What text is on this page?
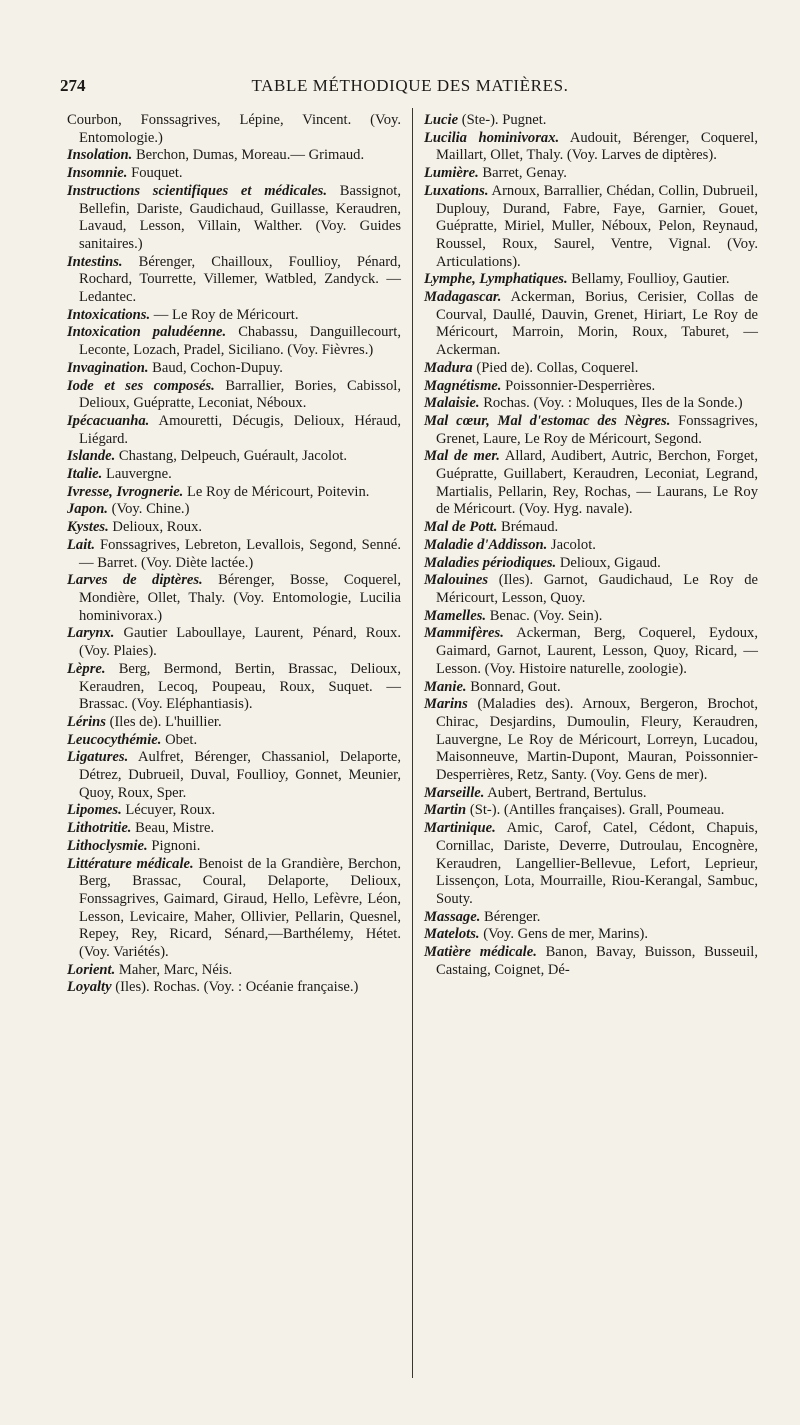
274	TABLE MÉTHODIQUE DES MATIÈRES.

Courbon, Fonssagrives, Lépine, Vincent. (Voy. Entomologie.)

Insolation. Berchon, Dumas, Moreau.— Grimaud.

Insomnie. Fouquet.

Instructions scientifiques et médicales. Bassignot, Bellefin, Dariste, Gaudichaud, Guillasse, Keraudren, Lavaud, Lesson, Villain, Walther. (Voy. Guides sanitaires.)

Intestins. Bérenger, Chailloux, Foullioy, Pénard, Rochard, Tourrette, Villemer, Watbled, Zandyck. — Ledantec.

Intoxications. — Le Roy de Méricourt.

Intoxication paludéenne. Chabassu, Danguillecourt, Leconte, Lozach, Pradel, Siciliano. (Voy. Fièvres.)

Invagination. Baud, Cochon-Dupuy.

Iode et ses composés. Barrallier, Bories, Cabissol, Delioux, Guépratte, Leconiat, Néboux.

Ipécacuanha. Amouretti, Décugis, Delioux, Héraud, Liégard.

Islande. Chastang, Delpeuch, Guérault, Jacolot.

Italie. Lauvergne.

Ivresse, Ivrognerie. Le Roy de Méricourt, Poitevin.

Japon. (Voy. Chine.)

Kystes. Delioux, Roux.

Lait. Fonssagrives, Lebreton, Levallois, Segond, Senné. — Barret. (Voy. Diète lactée.)

Larves de diptères. Bérenger, Bosse, Coquerel, Mondière, Ollet, Thaly. (Voy. Entomologie, Lucilia hominivorax.)

Larynx. Gautier Laboullaye, Laurent, Pénard, Roux. (Voy. Plaies).

Lèpre. Berg, Bermond, Bertin, Brassac, Delioux, Keraudren, Lecoq, Poupeau, Roux, Suquet. — Brassac. (Voy. Eléphantiasis).

Lérins (Iles de). L'huillier.

Leucocythémie. Obet.

Ligatures. Aulfret, Bérenger, Chassaniol, Delaporte, Détrez, Dubrueil, Duval, Foullioy, Gonnet, Meunier, Quoy, Roux, Sper.

Lipomes. Lécuyer, Roux.

Lithotritie. Beau, Mistre.

Lithoclysmie. Pignoni.

Littérature médicale. Benoist de la Grandière, Berchon, Berg, Brassac, Coural, Delaporte, Delioux, Fonssagrives, Gaimard, Giraud, Hello, Lefèvre, Léon, Lesson, Levicaire, Maher, Ollivier, Pellarin, Quesnel, Repey, Rey, Ricard, Sénard,—Barthélemy, Hétet. (Voy. Variétés).

Lorient. Maher, Marc, Néis.

Loyalty (Iles). Rochas. (Voy. : Océanie française.)

Lucie (Ste-). Pugnet.

Lucilia hominivorax. Audouit, Bérenger, Coquerel, Maillart, Ollet, Thaly. (Voy. Larves de diptères).

Lumière. Barret, Genay.

Luxations. Arnoux, Barrallier, Chédan, Collin, Dubrueil, Duplouy, Durand, Fabre, Faye, Garnier, Gouet, Guépratte, Miriel, Muller, Néboux, Pelon, Reynaud, Roussel, Roux, Saurel, Ventre, Vignal. (Voy. Articulations).

Lymphe, Lymphatiques. Bellamy, Foullioy, Gautier.

Madagascar. Ackerman, Borius, Cerisier, Collas de Courval, Daullé, Dauvin, Grenet, Hiriart, Le Roy de Méricourt, Marroin, Morin, Roux, Taburet, — Ackerman.

Madura (Pied de). Collas, Coquerel.

Magnétisme. Poissonnier-Desperrières.

Malaisie. Rochas. (Voy. : Moluques, Iles de la Sonde.)

Mal cœur, Mal d'estomac des Nègres. Fonssagrives, Grenet, Laure, Le Roy de Méricourt, Segond.

Mal de mer. Allard, Audibert, Autric, Berchon, Forget, Guépratte, Guillabert, Keraudren, Leconiat, Legrand, Martialis, Pellarin, Rey, Rochas, — Laurans, Le Roy de Méricourt. (Voy. Hyg. navale).

Mal de Pott. Brémaud.

Maladie d'Addisson. Jacolot.

Maladies périodiques. Delioux, Gigaud.

Malouines (Iles). Garnot, Gaudichaud, Le Roy de Méricourt, Lesson, Quoy.

Mamelles. Benac. (Voy. Sein).

Mammifères. Ackerman, Berg, Coquerel, Eydoux, Gaimard, Garnot, Laurent, Lesson, Quoy, Ricard, —Lesson. (Voy. Histoire naturelle, zoologie).

Manie. Bonnard, Gout.

Marins (Maladies des). Arnoux, Bergeron, Brochot, Chirac, Desjardins, Dumoulin, Fleury, Keraudren, Lauvergne, Le Roy de Méricourt, Lorreyn, Lucadou, Maisonneuve, Martin-Dupont, Mauran, Poissonnier-Desperrières, Retz, Santy. (Voy. Gens de mer).

Marseille. Aubert, Bertrand, Bertulus.

Martin (St-). (Antilles françaises). Grall, Poumeau.

Martinique. Amic, Carof, Catel, Cédont, Chapuis, Cornillac, Dariste, Deverre, Dutroulau, Encognère, Keraudren, Langellier-Bellevue, Lefort, Leprieur, Lissençon, Lota, Mourraille, Riou-Kerangal, Sambuc, Souty.

Massage. Bérenger.

Matelots. (Voy. Gens de mer, Marins).

Matière médicale. Banon, Bavay, Buisson, Busseuil, Castaing, Coignet, Dé-
